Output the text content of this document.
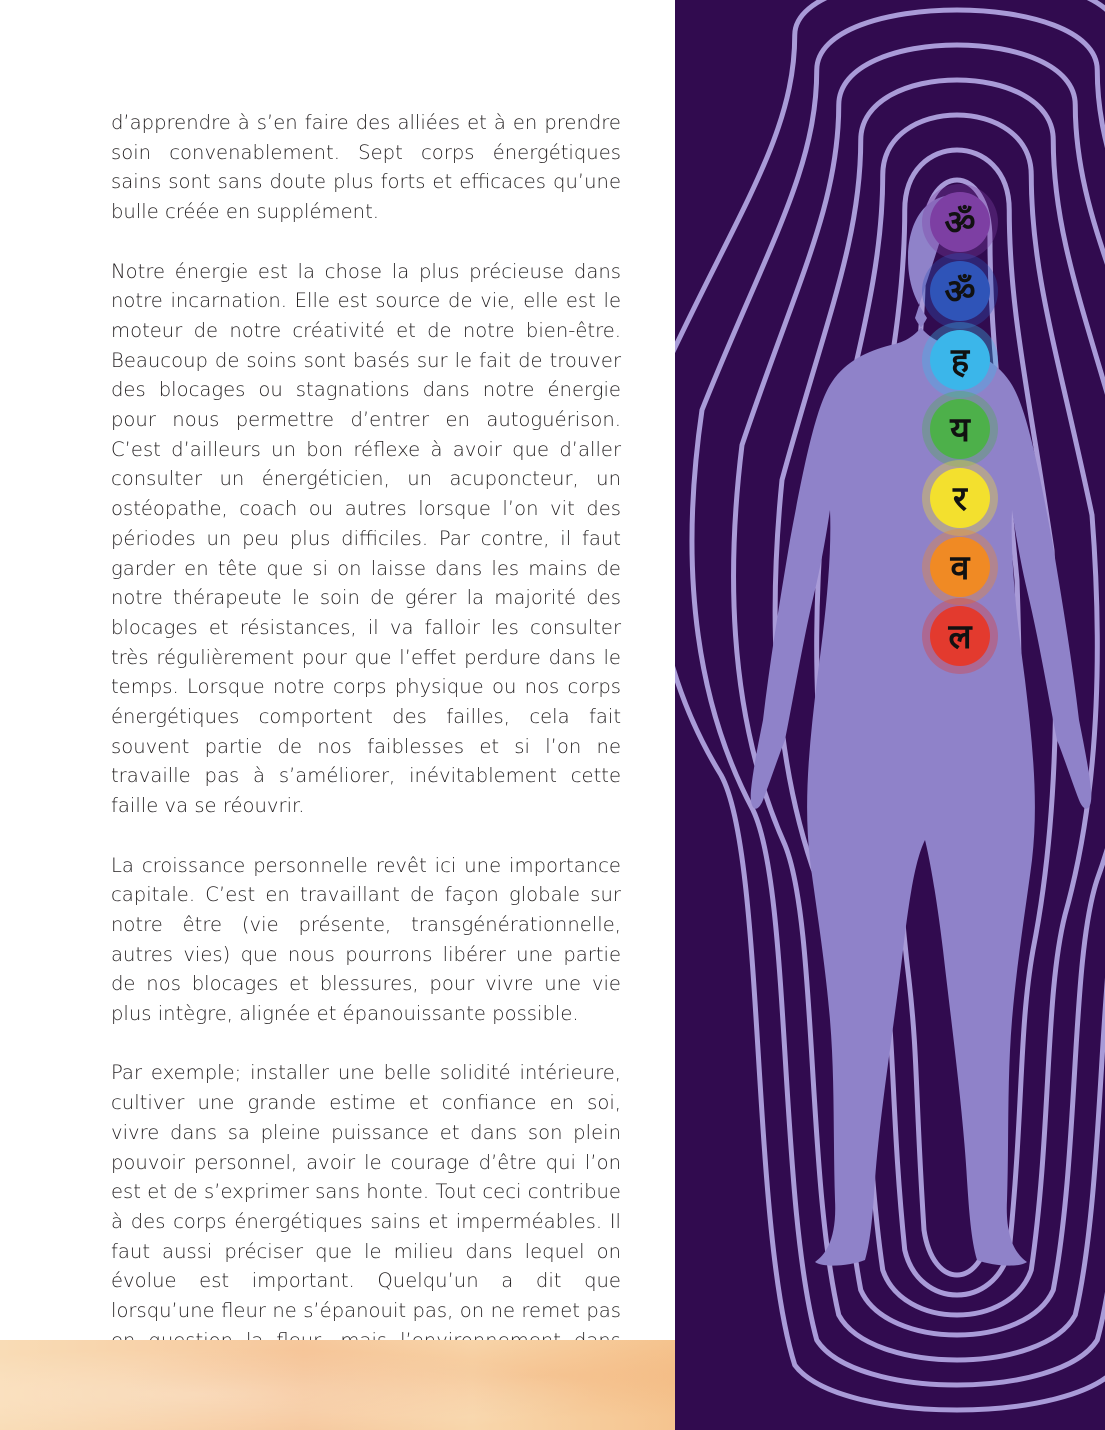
d’apprendre à s’en faire des alliées et à en prendre soin convenablement. Sept corps énergétiques sains sont sans doute plus forts et efficaces qu’une bulle créée en supplément.

Notre énergie est la chose la plus précieuse dans notre incarnation. Elle est source de vie, elle est le moteur de notre créativité et de notre bien-être. Beaucoup de soins sont basés sur le fait de trouver des blocages ou stagnations dans notre énergie pour nous permettre d’entrer en autoguérison. C’est d’ailleurs un bon réflexe à avoir que d’aller consulter un énergéticien, un acuponcteur, un ostéopathe, coach ou autres lorsque l’on vit des périodes un peu plus difficiles. Par contre, il faut garder en tête que si on laisse dans les mains de notre thérapeute le soin de gérer la majorité des blocages et résistances, il va falloir les consulter très régulièrement pour que l’effet perdure dans le temps. Lorsque notre corps physique ou nos corps énergétiques comportent des failles, cela fait souvent partie de nos faiblesses et si l’on ne travaille pas à s’améliorer, inévitablement cette faille va se réouvrir.

La croissance personnelle revêt ici une importance capitale. C’est en travaillant de façon globale sur notre être (vie présente, transgénérationnelle, autres vies) que nous pourrons libérer une partie de nos blocages et blessures, pour vivre une vie plus intègre, alignée et épanouissante possible.

Par exemple; installer une belle solidité intérieure, cultiver une grande estime et confiance en soi, vivre dans sa pleine puissance et dans son plein pouvoir personnel, avoir le courage d’être qui l’on est et de s’exprimer sans honte. Tout ceci contribue à des corps énergétiques sains et imperméables. Il faut aussi préciser que le milieu dans lequel on évolue est important. Quelqu’un a dit que lorsqu’une fleur ne s’épanouit pas, on ne remet pas

ॐ
ॐ
ह
य
र
व
ल
